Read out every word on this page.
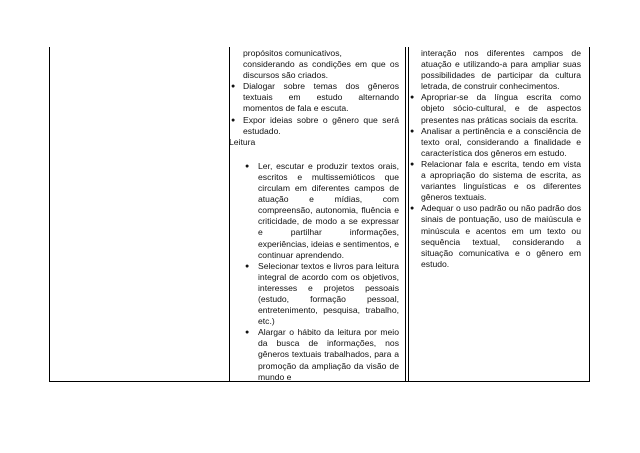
propósitos comunicativos,

considerando as condições em que os discursos são criados.

● Dialogar sobre temas dos gêneros textuais em estudo alternando momentos de fala e escuta.
● Expor ideias sobre o gênero que será estudado.

Leitura

● Ler, escutar e produzir textos orais, escritos e multissemióticos que circulam em diferentes campos de atuação e mídias, com compreensão, autonomia, fluência e criticidade, de modo a se expressar e partilhar informações, experiências, ideias e sentimentos, e continuar aprendendo.
● Selecionar textos e livros para leitura integral de acordo com os objetivos, interesses e projetos pessoais (estudo, formação pessoal, entretenimento, pesquisa, trabalho, etc.)
● Alargar o hábito da leitura por meio da busca de informações, nos gêneros textuais trabalhados, para a promoção da ampliação da visão de mundo e

interação nos diferentes campos de atuação e utilizando-a para ampliar suas possibilidades de participar da cultura letrada, de construir conhecimentos.

● Apropriar-se da língua escrita como objeto sócio-cultural, e de aspectos presentes nas práticas sociais da escrita.
● Analisar a pertinência e a consciência de texto oral, considerando a finalidade e característica dos gêneros em estudo.
● Relacionar fala e escrita, tendo em vista a apropriação do sistema de escrita, as variantes linguísticas e os diferentes gêneros textuais.
● Adequar o uso padrão ou não padrão dos sinais de pontuação, uso de maiúscula e minúscula e acentos em um texto ou sequência textual, considerando a situação comunicativa e o gênero em estudo.
